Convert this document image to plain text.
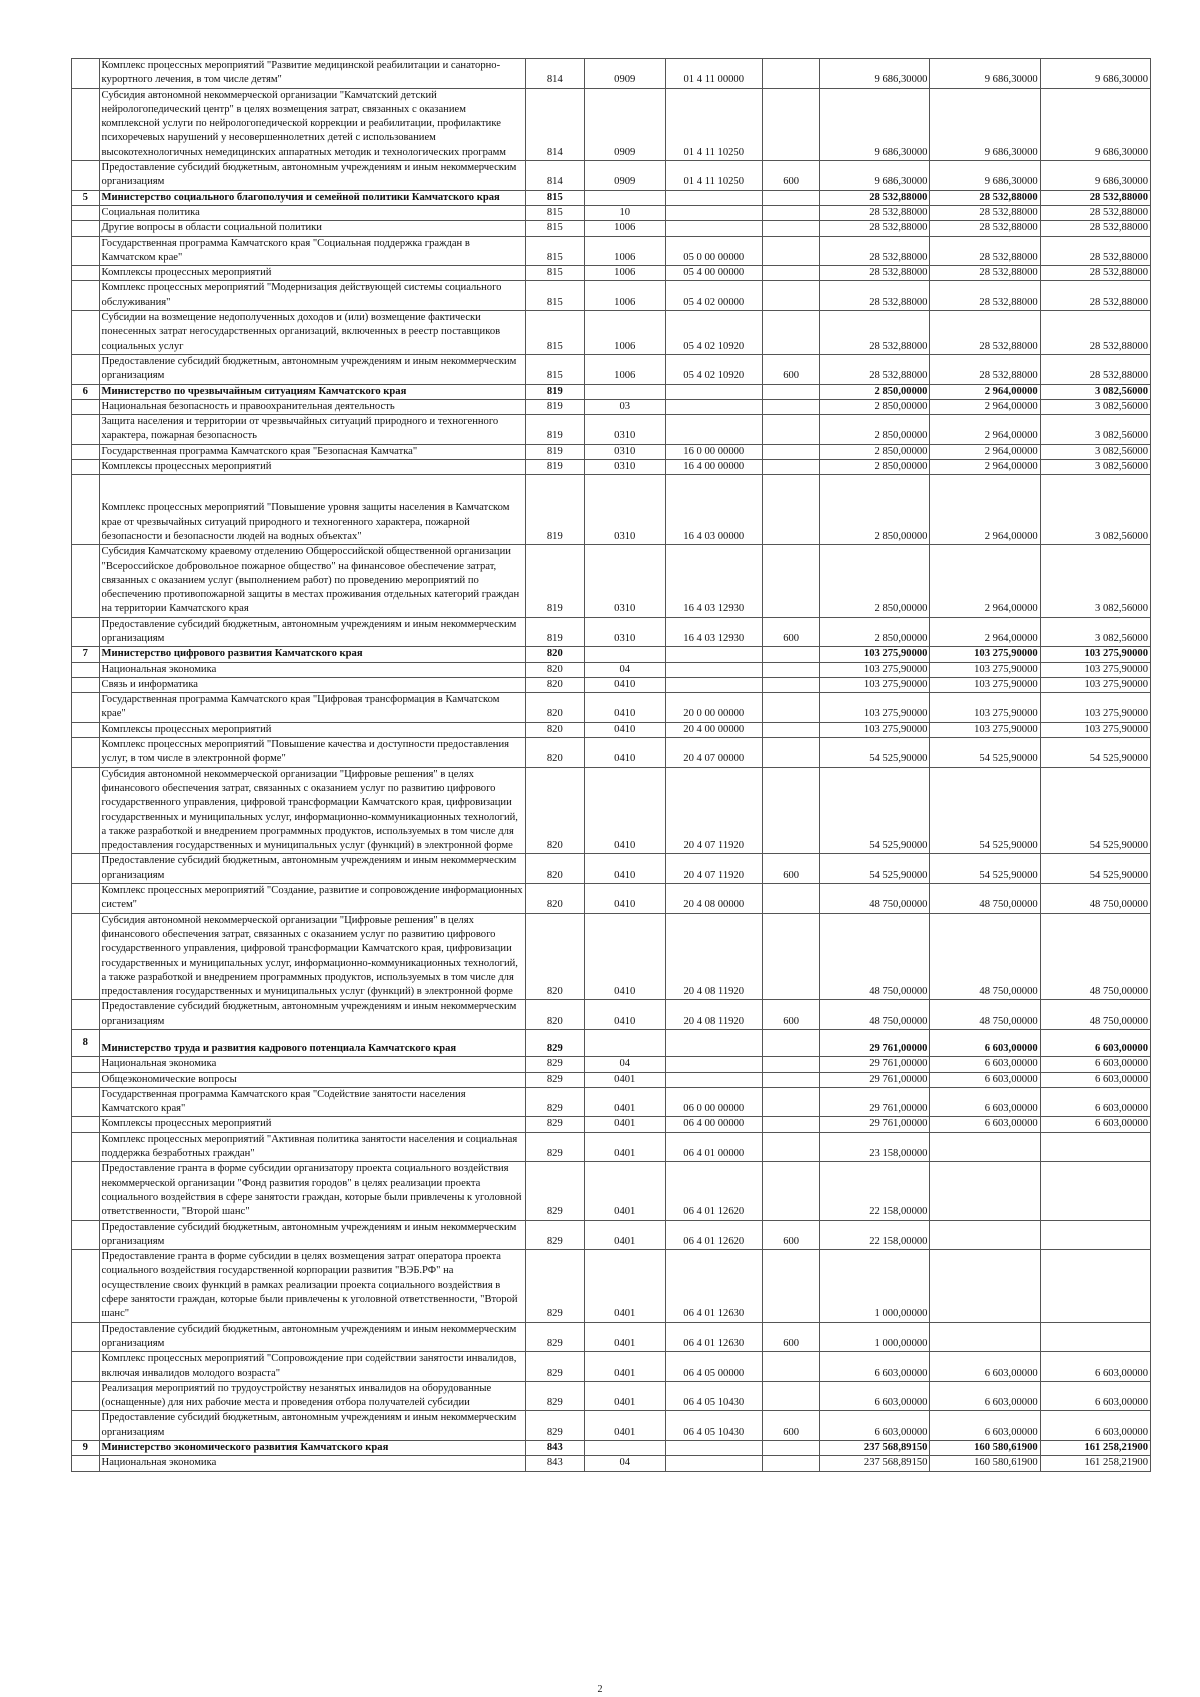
	Комплекс процессных мероприятий "Развитие медицинской реабилитации и санаторно-курортного лечения, в том числе детям"	814	0909	01 4 11 00000		9 686,30000	9 686,30000	9 686,30000
	Субсидия автономной некоммерческой организации "Камчатский детский нейрологопедический центр" в целях возмещения затрат, связанных с оказанием комплексной услуги по нейрологопедической коррекции и реабилитации, профилактике психоречевых нарушений у несовершеннолетних детей с использованием высокотехнологичных немедицинских аппаратных методик и технологических программ	814	0909	01 4 11 10250		9 686,30000	9 686,30000	9 686,30000
	Предоставление субсидий бюджетным, автономным учреждениям и иным некоммерческим организациям	814	0909	01 4 11 10250	600	9 686,30000	9 686,30000	9 686,30000
5	Министерство социального благополучия и семейной политики Камчатского края	815				28 532,88000	28 532,88000	28 532,88000
	Социальная политика	815	10			28 532,88000	28 532,88000	28 532,88000
	Другие вопросы в области социальной политики	815	1006			28 532,88000	28 532,88000	28 532,88000
	Государственная программа Камчатского края "Социальная поддержка граждан в Камчатском крае"	815	1006	05 0 00 00000		28 532,88000	28 532,88000	28 532,88000
	Комплексы процессных мероприятий	815	1006	05 4 00 00000		28 532,88000	28 532,88000	28 532,88000
	Комплекс процессных мероприятий "Модернизация действующей системы социального обслуживания"	815	1006	05 4 02 00000		28 532,88000	28 532,88000	28 532,88000
	Субсидии на возмещение недополученных доходов и (или) возмещение фактически понесенных затрат негосударственных организаций, включенных в реестр поставщиков социальных услуг	815	1006	05 4 02 10920		28 532,88000	28 532,88000	28 532,88000
	Предоставление субсидий бюджетным, автономным учреждениям и иным некоммерческим организациям	815	1006	05 4 02 10920	600	28 532,88000	28 532,88000	28 532,88000
6	Министерство по чрезвычайным ситуациям Камчатского края	819				2 850,00000	2 964,00000	3 082,56000
	Национальная безопасность и правоохранительная деятельность	819	03			2 850,00000	2 964,00000	3 082,56000
	Защита населения и территории от чрезвычайных ситуаций природного и техногенного характера, пожарная безопасность	819	0310			2 850,00000	2 964,00000	3 082,56000
	Государственная программа Камчатского края "Безопасная Камчатка"	819	0310	16 0 00 00000		2 850,00000	2 964,00000	3 082,56000
	Комплексы процессных мероприятий	819	0310	16 4 00 00000		2 850,00000	2 964,00000	3 082,56000
	Комплекс процессных мероприятий "Повышение уровня защиты населения в Камчатском крае от чрезвычайных ситуаций природного и техногенного характера, пожарной безопасности и безопасности людей на водных объектах"	819	0310	16 4 03 00000		2 850,00000	2 964,00000	3 082,56000
	Субсидия Камчатскому краевому отделению Общероссийской общественной организации "Всероссийское добровольное пожарное общество" на финансовое обеспечение затрат, связанных с оказанием услуг (выполнением работ) по проведению мероприятий по обеспечению противопожарной защиты в местах проживания отдельных категорий граждан на территории Камчатского края	819	0310	16 4 03 12930		2 850,00000	2 964,00000	3 082,56000
	Предоставление субсидий бюджетным, автономным учреждениям и иным некоммерческим организациям	819	0310	16 4 03 12930	600	2 850,00000	2 964,00000	3 082,56000
7	Министерство цифрового развития Камчатского края	820				103 275,90000	103 275,90000	103 275,90000
	Национальная экономика	820	04			103 275,90000	103 275,90000	103 275,90000
	Связь и информатика	820	0410			103 275,90000	103 275,90000	103 275,90000
	Государственная программа Камчатского края "Цифровая трансформация в Камчатском крае"	820	0410	20 0 00 00000		103 275,90000	103 275,90000	103 275,90000
	Комплексы процессных мероприятий	820	0410	20 4 00 00000		103 275,90000	103 275,90000	103 275,90000
	Комплекс процессных мероприятий "Повышение качества и доступности предоставления услуг, в том числе в электронной форме"	820	0410	20 4 07 00000		54 525,90000	54 525,90000	54 525,90000
	Субсидия автономной некоммерческой организации "Цифровые решения" в целях финансового обеспечения затрат, связанных с оказанием услуг по развитию цифрового государственного управления, цифровой трансформации Камчатского края, цифровизации государственных и муниципальных услуг, информационно-коммуникационных технологий, а также разработкой и внедрением программных продуктов, используемых в том числе для предоставления государственных и муниципальных услуг (функций) в электронной форме	820	0410	20 4 07 11920		54 525,90000	54 525,90000	54 525,90000
	Предоставление субсидий бюджетным, автономным учреждениям и иным некоммерческим организациям	820	0410	20 4 07 11920	600	54 525,90000	54 525,90000	54 525,90000
	Комплекс процессных мероприятий "Создание, развитие и сопровождение информационных систем"	820	0410	20 4 08 00000		48 750,00000	48 750,00000	48 750,00000
	Субсидия автономной некоммерческой организации "Цифровые решения" в целях финансового обеспечения затрат, связанных с оказанием услуг по развитию цифрового государственного управления, цифровой трансформации Камчатского края, цифровизации государственных и муниципальных услуг, информационно-коммуникационных технологий, а также разработкой и внедрением программных продуктов, используемых в том числе для предоставления государственных и муниципальных услуг (функций) в электронной форме	820	0410	20 4 08 11920		48 750,00000	48 750,00000	48 750,00000
	Предоставление субсидий бюджетным, автономным учреждениям и иным некоммерческим организациям	820	0410	20 4 08 11920	600	48 750,00000	48 750,00000	48 750,00000
8	Министерство труда и развития кадрового потенциала Камчатского края	829				29 761,00000	6 603,00000	6 603,00000
	Национальная экономика	829	04			29 761,00000	6 603,00000	6 603,00000
	Общеэкономические вопросы	829	0401			29 761,00000	6 603,00000	6 603,00000
	Государственная программа Камчатского края "Содействие занятости населения Камчатского края"	829	0401	06 0 00 00000		29 761,00000	6 603,00000	6 603,00000
	Комплексы процессных мероприятий	829	0401	06 4 00 00000		29 761,00000	6 603,00000	6 603,00000
	Комплекс процессных мероприятий "Активная политика занятости населения и социальная поддержка безработных граждан"	829	0401	06 4 01 00000		23 158,00000		
	Предоставление гранта в форме субсидии организатору проекта социального воздействия некоммерческой организации "Фонд развития городов" в целях реализации проекта социального воздействия в сфере занятости граждан, которые были привлечены к уголовной ответственности, "Второй шанс"	829	0401	06 4 01 12620		22 158,00000		
	Предоставление субсидий бюджетным, автономным учреждениям и иным некоммерческим организациям	829	0401	06 4 01 12620	600	22 158,00000		
	Предоставление гранта в форме субсидии в целях возмещения затрат оператора проекта социального воздействия государственной корпорации развития "ВЭБ.РФ" на осуществление своих функций в рамках реализации проекта социального воздействия в сфере занятости граждан, которые были привлечены к уголовной ответственности, "Второй шанс"	829	0401	06 4 01 12630		1 000,00000		
	Предоставление субсидий бюджетным, автономным учреждениям и иным некоммерческим организациям	829	0401	06 4 01 12630	600	1 000,00000		
	Комплекс процессных мероприятий "Сопровождение при содействии занятости инвалидов, включая инвалидов молодого возраста"	829	0401	06 4 05 00000		6 603,00000	6 603,00000	6 603,00000
	Реализация мероприятий по трудоустройству незанятых инвалидов на оборудованные (оснащенные) для них рабочие места и проведения отбора получателей субсидии	829	0401	06 4 05 10430		6 603,00000	6 603,00000	6 603,00000
	Предоставление субсидий бюджетным, автономным учреждениям и иным некоммерческим организациям	829	0401	06 4 05 10430	600	6 603,00000	6 603,00000	6 603,00000
9	Министерство экономического развития Камчатского края	843				237 568,89150	160 580,61900	161 258,21900
	Национальная экономика	843	04			237 568,89150	160 580,61900	161 258,21900
2
